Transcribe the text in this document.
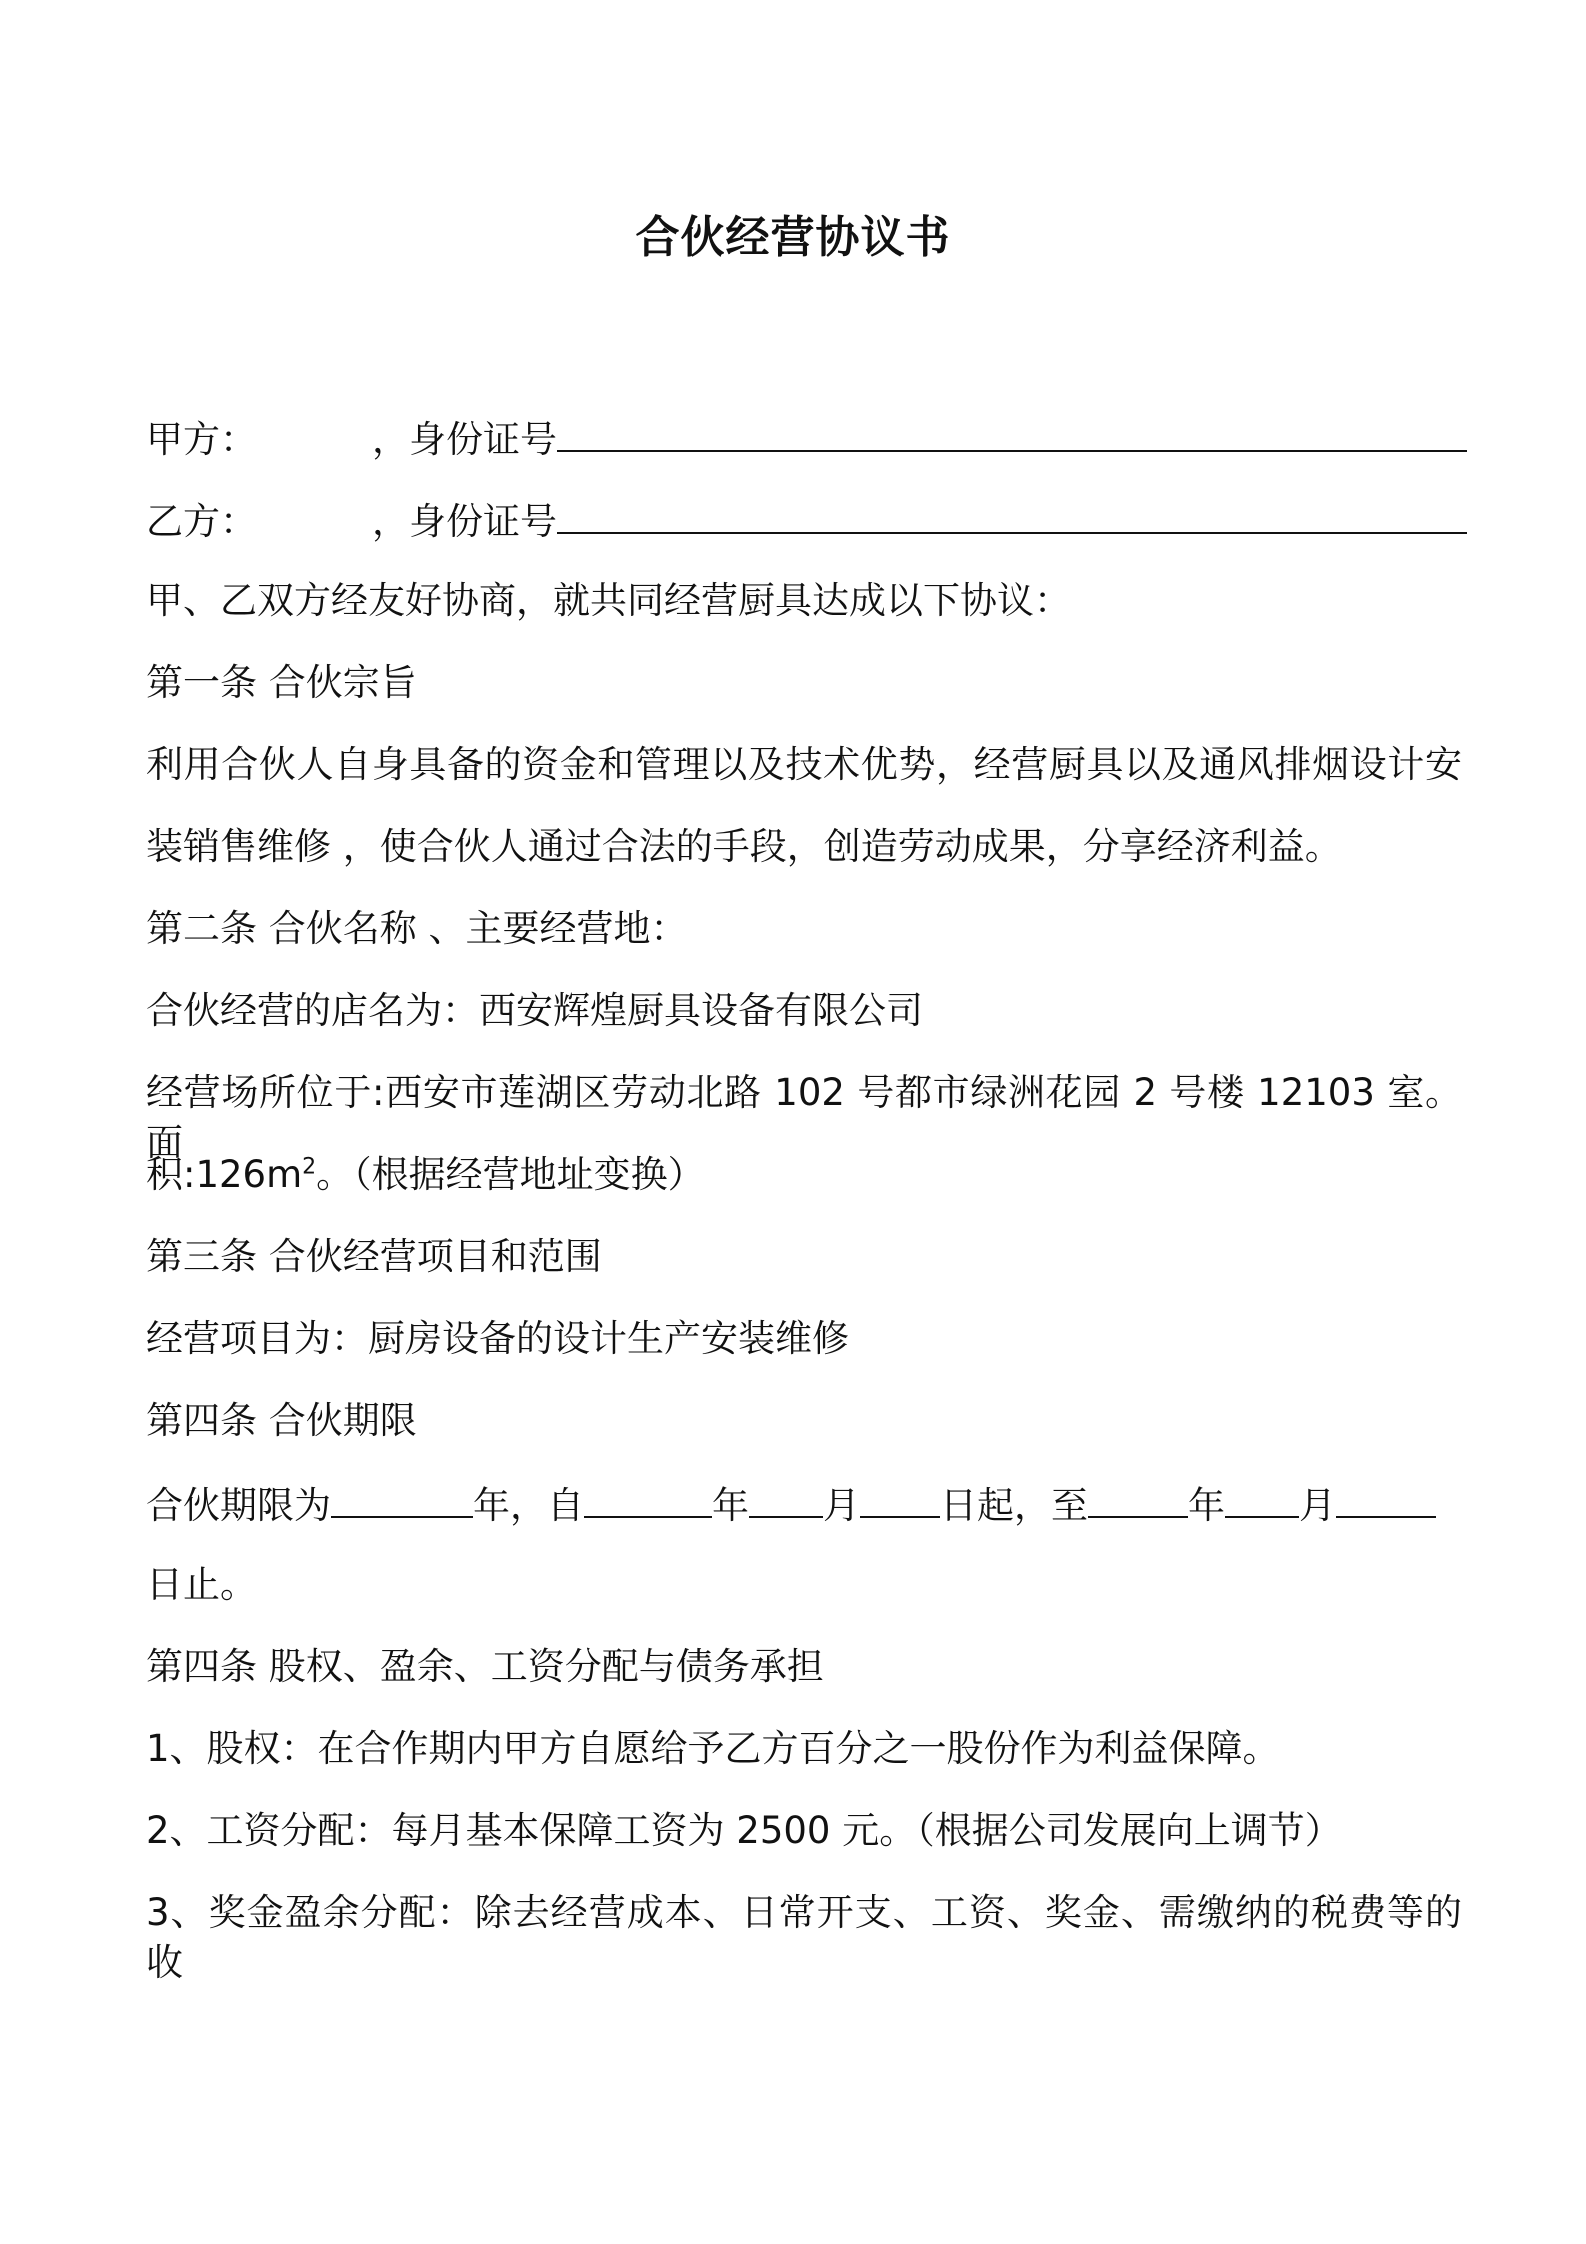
合伙经营协议书
甲方：	，身份证号
乙方：	，身份证号
甲、乙双方经友好协商，就共同经营厨具达成以下协议：
第一条 合伙宗旨
利用合伙人自身具备的资金和管理以及技术优势，经营厨具以及通风排烟设计安
装销售维修 ，使合伙人通过合法的手段，创造劳动成果，分享经济利益。
第二条 合伙名称 、主要经营地：
合伙经营的店名为：西安辉煌厨具设备有限公司
经营场所位于:西安市莲湖区劳动北路 102 号都市绿洲花园 2 号楼 12103 室。 面
积$:126m^2$。（根据经营地址变换）
第三条 合伙经营项目和范围
经营项目为：厨房设备的设计生产安装维修
第四条 合伙期限
合伙期限为	年，自	年 月 日起，至	年 月
日止。
第四条 股权、盈余、工资分配与债务承担
1、股权：在合作期内甲方自愿给予乙方百分之一股份作为利益保障。
2、工资分配：每月基本保障工资为 2500 元。（根据公司发展向上调节）
3、奖金盈余分配：除去经营成本、日常开支、工资、奖金、需缴纳的税费等的收
